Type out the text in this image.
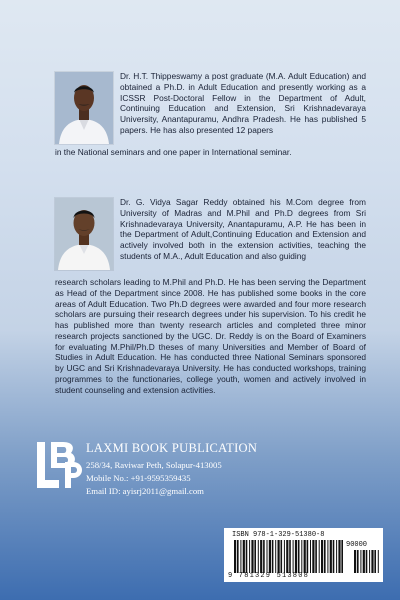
Dr. H.T. Thippeswamy a post graduate (M.A. Adult Education) and obtained a Ph.D. in Adult Education and presently working as a ICSSR Post-Doctoral Fellow in the Department of Adult, Continuing Education and Extension, Sri Krishnadevaraya University, Anantapuramu, Andhra Pradesh. He has published 5 papers. He has also presented 12 papers
in the National seminars and one paper in International seminar.
Dr. G. Vidya Sagar Reddy obtained his M.Com degree from University of Madras and M.Phil and Ph.D degrees from Sri Krishnadevaraya University, Anantapuramu, A.P. He has been in the Department of Adult,Continuing Education and Extension and actively involved both in the extension activities, teaching the students of M.A., Adult Education and also guiding
research scholars leading to M.Phil and Ph.D. He has been serving the Department as Head of the Department since 2008. He has published some books in the core areas of Adult Education. Two Ph.D degrees were awarded and four more research scholars are pursuing their research degrees under his supervision. To his credit he has published more than twenty research articles and completed three minor research projects sanctioned by the UGC. Dr. Reddy is on the Board of Examiners for evaluating M.Phil/Ph.D theses of many Universities and Member of Board of Studies in Adult Education. He has conducted three National Seminars sponsored by UGC and Sri Krishnadevaraya University. He has conducted workshops, training programmes to the functionaries, college youth, women and actively involved in student counseling and extension activities.
LAXMI BOOK PUBLICATION
258/34, Raviwar Peth, Solapur-413005
Mobile No.: +91-9595359435
Email ID: ayisrj2011@gmail.com
ISBN 978-1-329-51380-8
90000
9 781329 513808
